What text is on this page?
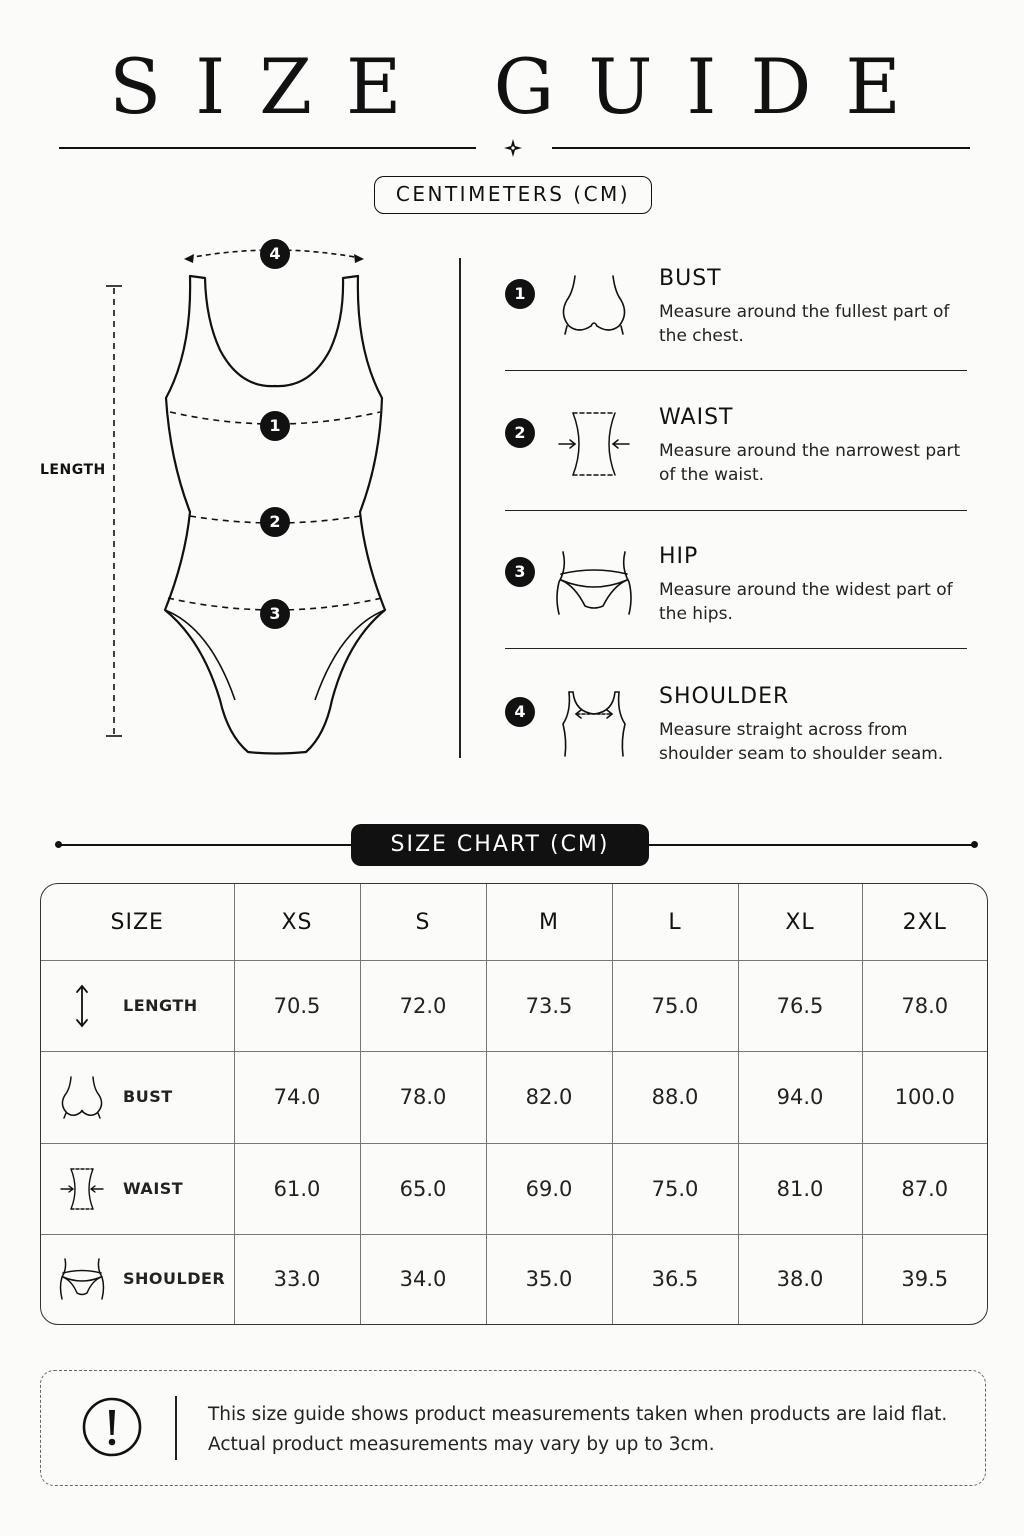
SIZE GUIDE
CENTIMETERS (CM)
LENGTH
4
1
2
3
1
BUST
Measure around the fullest part of the chest.
2
WAIST
Measure around the narrowest part of the waist.
3
HIP
Measure around the widest part of the hips.
4
SHOULDER
Measure straight across from shoulder seam to shoulder seam.
SIZE CHART (CM)
SIZE	XS	S	M	L	XL	2XL

LENGTH	70.5	72.0	73.5	75.0	76.5	78.0

BUST	74.0	78.0	82.0	88.0	94.0	100.0

WAIST	61.0	65.0	69.0	75.0	81.0	87.0

SHOULDER	33.0	34.0	35.0	36.5	38.0	39.5
This size guide shows product measurements taken when products are laid flat. Actual product measurements may vary by up to 3cm.
